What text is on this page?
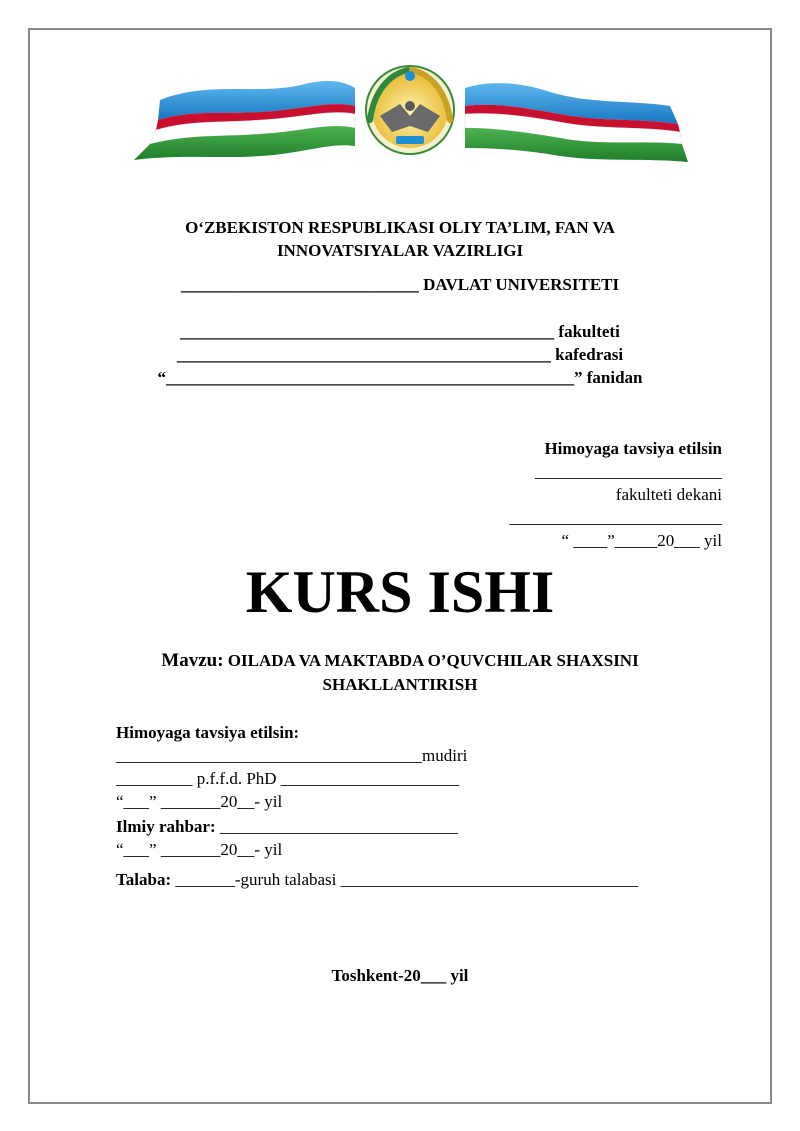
O‘ZBEKISTON RESPUBLIKASI OLIY TA’LIM, FAN VA
INNOVATSIYALAR VAZIRLIGI
____________________________ DAVLAT UNIVERSITETI
____________________________________________ fakulteti
____________________________________________ kafedrasi
“________________________________________________” fanidan
Himoyaga tavsiya etilsin
______________________
fakulteti dekani
_________________________
“ ____”_____20___ yil
KURS ISHI
Mavzu: OILADA VA MAKTABDA O’QUVCHILAR SHAXSINI
SHAKLLANTIRISH
Himoyaga tavsiya etilsin:
____________________________________mudiri
_________ p.f.f.d. PhD _____________________
“___” _______20__- yil
Ilmiy rahbar: ____________________________
“___” _______20__- yil
Talaba: _______-guruh talabasi ___________________________________
Toshkent-20___ yil
